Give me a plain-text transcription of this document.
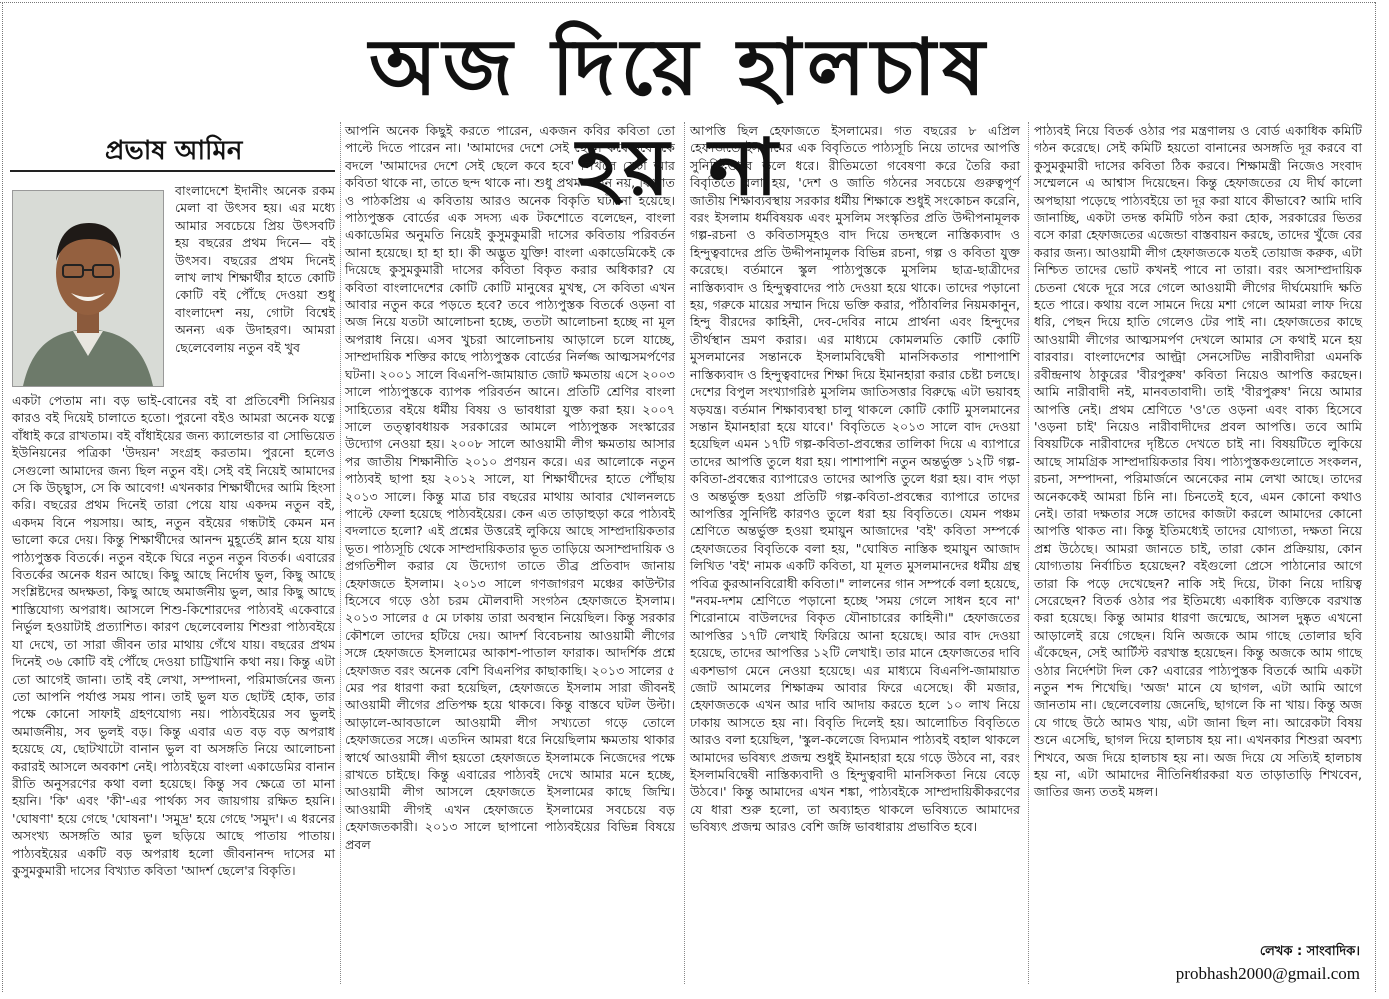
অজ দিয়ে হালচাষ হয় না
প্রভাষ আমিন

বাংলাদেশে ইদানীং অনেক রকম মেলা বা উৎসব হয়। এর মধ্যে আমার সবচেয়ে প্রিয় উৎসবটি হয় বছরের প্রথম দিনে— বই উৎসব। বছরের প্রথম দিনেই লাখ লাখ শিক্ষার্থীর হাতে কোটি কোটি বই পৌঁছে দেওয়া শুধু বাংলাদেশ নয়, গোটা বিশ্বেই অনন্য এক উদাহরণ। আমরা ছেলেবেলায় নতুন বই খুব

একটা পেতাম না। বড় ভাই-বোনের বই বা প্রতিবেশী সিনিয়র কারও বই দিয়েই চালাতে হতো। পুরনো বইও আমরা অনেক যত্নে বাঁধাই করে রাখতাম। বই বাঁধাইয়ের জন্য ক্যালেন্ডার বা সোভিয়েত ইউনিয়নের পত্রিকা 'উদয়ন' সংগ্রহ করতাম। পুরনো হলেও সেগুলো আমাদের জন্য ছিল নতুন বই। সেই বই নিয়েই আমাদের সে কি উচ্ছ্বাস, সে কি আবেগ! এখনকার শিক্ষার্থীদের আমি হিংসা করি। বছরের প্রথম দিনেই তারা পেয়ে যায় একদম নতুন বই, একদম বিনে পয়সায়। আহ, নতুন বইয়ের গন্ধটাই কেমন মন ভালো করে দেয়। কিন্তু শিক্ষার্থীদের আনন্দ মুহূর্তেই ম্লান হয়ে যায় পাঠ্যপুস্তক বিতর্কে। নতুন বইকে ঘিরে নতুন নতুন বিতর্ক। এবারের বিতর্কের অনেক ধরন আছে। কিছু আছে নির্দোষ ভুল, কিছু আছে সংশ্লিষ্টদের অদক্ষতা, কিছু আছে অমার্জনীয় ভুল, আর কিছু আছে শাস্তিযোগ্য অপরাধ। আসলে শিশু-কিশোরদের পাঠ্যবই একেবারে নির্ভুল হওয়াটাই প্রত্যাশিত। কারণ ছেলেবেলায় শিশুরা পাঠ্যবইয়ে যা দেখে, তা সারা জীবন তার মাথায় গেঁথে যায়। বছরের প্রথম দিনেই ৩৬ কোটি বই পৌঁছে দেওয়া চাট্টিখানি কথা নয়। কিন্তু এটা তো আগেই জানা। তাই বই লেখা, সম্পাদনা, পরিমার্জনের জন্য তো আপনি পর্যাপ্ত সময় পান। তাই ভুল যত ছোটই হোক, তার পক্ষে কোনো সাফাই গ্রহণযোগ্য নয়। পাঠ্যবইয়ের সব ভুলই অমার্জনীয়, সব ভুলই বড়। কিন্তু এবার এত বড় বড় অপরাধ হয়েছে যে, ছোটখাটো বানান ভুল বা অসঙ্গতি নিয়ে আলোচনা করারই আসলে অবকাশ নেই। পাঠ্যবইয়ে বাংলা একাডেমির বানান রীতি অনুসরণের কথা বলা হয়েছে। কিন্তু সব ক্ষেত্রে তা মানা হয়নি। 'কি' এবং 'কী'-এর পার্থক্য সব জায়গায় রক্ষিত হয়নি। 'ঘোষণা' হয়ে গেছে 'ঘোষনা'। 'সমুদ্র' হয়ে গেছে 'সমুদ'। এ ধরনের অসংখ্য অসঙ্গতি আর ভুল ছড়িয়ে আছে পাতায় পাতায়। পাঠ্যবইয়ের একটি বড় অপরাধ হলো জীবনানন্দ দাসের মা কুসুমকুমারী দাসের বিখ্যাত কবিতা 'আদর্শ ছেলে'র বিকৃতি।

আপনি অনেক কিছুই করতে পারেন, একজন কবির কবিতা তো পাল্টে দিতে পারেন না। 'আমাদের দেশে সেই ছেলে কবে হবে' কে বদলে 'আমাদের দেশে সেই ছেলে কবে হবে' লিখলে সেটা আর কবিতা থাকে না, তাতে ছন্দ থাকে না। শুধু প্রথম লাইন নয়, বিখ্যাত ও পাঠকপ্রিয় এ কবিতায় আরও অনেক বিকৃতি ঘটানো হয়েছে। পাঠ্যপুস্তক বোর্ডের এক সদস্য এক টকশোতে বলেছেন, বাংলা একাডেমির অনুমতি নিয়েই কুসুমকুমারী দাসের কবিতায় পরিবর্তন আনা হয়েছে। হা হা হা। কী অদ্ভুত যুক্তি! বাংলা একাডেমিকেই কে দিয়েছে কুসুমকুমারী দাসের কবিতা বিকৃত করার অধিকার? যে কবিতা বাংলাদেশের কোটি কোটি মানুষের মুখস্থ, সে কবিতা এখন আবার নতুন করে পড়তে হবে? তবে পাঠ্যপুস্তক বিতর্কে ওড়না বা অজ নিয়ে যতটা আলোচনা হচ্ছে, ততটা আলোচনা হচ্ছে না মূল অপরাধ নিয়ে। এসব খুচরা আলোচনায় আড়ালে চলে যাচ্ছে, সাম্প্রদায়িক শক্তির কাছে পাঠ্যপুস্তক বোর্ডের নির্লজ্জ আত্মসমর্পণের ঘটনা। ২০০১ সালে বিএনপি-জামায়াত জোট ক্ষমতায় এসে ২০০৩ সালে পাঠ্যপুস্তকে ব্যাপক পরিবর্তন আনে। প্রতিটি শ্রেণির বাংলা সাহিত্যের বইয়ে ধর্মীয় বিষয় ও ভাবধারা যুক্ত করা হয়। ২০০৭ সালে তত্ত্বাবধায়ক সরকারের আমলে পাঠ্যপুস্তক সংস্কারের উদ্যোগ নেওয়া হয়। ২০০৮ সালে আওয়ামী লীগ ক্ষমতায় আসার পর জাতীয় শিক্ষানীতি ২০১০ প্রণয়ন করে। এর আলোকে নতুন পাঠ্যবই ছাপা হয় ২০১২ সালে, যা শিক্ষার্থীদের হাতে পৌঁছায় ২০১৩ সালে। কিন্তু মাত্র চার বছরের মাথায় আবার খোলনলচে পাল্টে ফেলা হয়েছে পাঠ্যবইয়ের। কেন এত তাড়াহুড়া করে পাঠ্যবই বদলাতে হলো? এই প্রশ্নের উত্তরেই লুকিয়ে আছে সাম্প্রদায়িকতার ভূত। পাঠ্যসূচি থেকে সাম্প্রদায়িকতার ভূত তাড়িয়ে অসাম্প্রদায়িক ও প্রগতিশীল করার যে উদ্যোগ তাতে তীব্র প্রতিবাদ জানায় হেফাজতে ইসলাম। ২০১৩ সালে গণজাগরণ মঞ্চের কাউন্টার হিসেবে গড়ে ওঠা চরম মৌলবাদী সংগঠন হেফাজতে ইসলাম। ২০১৩ সালের ৫ মে ঢাকায় তারা অবস্থান নিয়েছিল। কিন্তু সরকার কৌশলে তাদের হটিয়ে দেয়। আদর্শ বিবেচনায় আওয়ামী লীগের সঙ্গে হেফাজতে ইসলামের আকাশ-পাতাল ফারাক। আদর্শিক প্রশ্নে হেফাজত বরং অনেক বেশি বিএনপির কাছাকাছি। ২০১৩ সালের ৫ মের পর ধারণা করা হয়েছিল, হেফাজতে ইসলাম সারা জীবনই আওয়ামী লীগের প্রতিপক্ষ হয়ে থাকবে। কিন্তু বাস্তবে ঘটল উল্টা। আড়ালে-আবডালে আওয়ামী লীগ সখ্যতো গড়ে তোলে হেফাজতের সঙ্গে। এতদিন আমরা ধরে নিয়েছিলাম ক্ষমতায় থাকার স্বার্থে আওয়ামী লীগ হয়তো হেফাজতে ইসলামকে নিজেদের পক্ষে রাখতে চাইছে। কিন্তু এবারের পাঠ্যবই দেখে আমার মনে হচ্ছে, আওয়ামী লীগ আসলে হেফাজতে ইসলামের কাছে জিম্মি। আওয়ামী লীগই এখন হেফাজতে ইসলামের সবচেয়ে বড় হেফাজতকারী। ২০১৩ সালে ছাপানো পাঠ্যবইয়ের বিভিন্ন বিষয়ে প্রবল

আপত্তি ছিল হেফাজতে ইসলামের। গত বছরের ৮ এপ্রিল হেফাজতে ইসলামের এক বিবৃতিতে পাঠ্যসূচি নিয়ে তাদের আপত্তি সুনির্দিষ্টভাবে তুলে ধরে। রীতিমতো গবেষণা করে তৈরি করা বিবৃতিতে বলা হয়, 'দেশ ও জাতি গঠনের সবচেয়ে গুরুত্বপূর্ণ জাতীয় শিক্ষাব্যবস্থায় সরকার ধর্মীয় শিক্ষাকে শুধুই সংকোচন করেনি, বরং ইসলাম ধর্মবিষয়ক এবং মুসলিম সংস্কৃতির প্রতি উদ্দীপনামূলক গল্প-রচনা ও কবিতাসমূহও বাদ দিয়ে তদস্থলে নাস্তিক্যবাদ ও হিন্দুত্ববাদের প্রতি উদ্দীপনামূলক বিভিন্ন রচনা, গল্প ও কবিতা যুক্ত করেছে। বর্তমানে স্কুল পাঠ্যপুস্তকে মুসলিম ছাত্র-ছাত্রীদের নাস্তিক্যবাদ ও হিন্দুত্ববাদের পাঠ দেওয়া হয়ে থাকে। তাদের পড়ানো হয়, গরুকে মায়ের সম্মান দিয়ে ভক্তি করার, পাঁঠাবলির নিয়মকানুন, হিন্দু বীরদের কাহিনী, দেব-দেবির নামে প্রার্থনা এবং হিন্দুদের তীর্থস্থান ভ্রমণ করার। এর মাধ্যমে কোমলমতি কোটি কোটি মুসলমানের সন্তানকে ইসলামবিদ্বেষী মানসিকতার পাশাপাশি নাস্তিক্যবাদ ও হিন্দুত্ববাদের শিক্ষা দিয়ে ইমানহারা করার চেষ্টা চলছে। দেশের বিপুল সংখ্যাগরিষ্ঠ মুসলিম জাতিসত্তার বিরুদ্ধে এটা ভয়াবহ ষড়যন্ত্র। বর্তমান শিক্ষাব্যবস্থা চালু থাকলে কোটি কোটি মুসলমানের সন্তান ইমানহারা হয়ে যাবে।' বিবৃতিতে ২০১৩ সালে বাদ দেওয়া হয়েছিল এমন ১৭টি গল্প-কবিতা-প্রবন্ধের তালিকা দিয়ে এ ব্যাপারে তাদের আপত্তি তুলে ধরা হয়। পাশাপাশি নতুন অন্তর্ভুক্ত ১২টি গল্প-কবিতা-প্রবন্ধের ব্যাপারেও তাদের আপত্তি তুলে ধরা হয়। বাদ পড়া ও অন্তর্ভুক্ত হওয়া প্রতিটি গল্প-কবিতা-প্রবন্ধের ব্যাপারে তাদের আপত্তির সুনির্দিষ্ট কারণও তুলে ধরা হয় বিবৃতিতে। যেমন পঞ্চম শ্রেণিতে অন্তর্ভুক্ত হওয়া হুমায়ুন আজাদের 'বই' কবিতা সম্পর্কে হেফাজতের বিবৃতিকে বলা হয়, "ঘোষিত নাস্তিক হুমায়ুন আজাদ লিখিত 'বই' নামক একটি কবিতা, যা মূলত মুসলমানদের ধর্মীয় গ্রন্থ পবিত্র কুরআনবিরোধী কবিতা।" লালনের গান সম্পর্কে বলা হয়েছে, "নবম-দশম শ্রেণিতে পড়ানো হচ্ছে 'সময় গেলে সাধন হবে না' শিরোনামে বাউলদের বিকৃত যৌনাচারের কাহিনী।" হেফাজতের আপত্তির ১৭টি লেখাই ফিরিয়ে আনা হয়েছে। আর বাদ দেওয়া হয়েছে, তাদের আপত্তির ১২টি লেখাই। তার মানে হেফাজতের দাবি একশভাগ মেনে নেওয়া হয়েছে। এর মাধ্যমে বিএনপি-জামায়াত জোট আমলের শিক্ষাক্রম আবার ফিরে এসেছে। কী মজার, হেফাজতকে এখন আর দাবি আদায় করতে হলে ১০ লাখ নিয়ে ঢাকায় আসতে হয় না। বিবৃতি দিলেই হয়। আলোচিত বিবৃতিতে আরও বলা হয়েছিল, 'স্কুল-কলেজে বিদ্যমান পাঠ্যবই বহাল থাকলে আমাদের ভবিষ্যৎ প্রজন্ম শুধুই ইমানহারা হয়ে গড়ে উঠবে না, বরং ইসলামবিদ্বেষী নাস্তিক্যবাদী ও হিন্দুত্ববাদী মানসিকতা নিয়ে বেড়ে উঠবে।' কিন্তু আমাদের এখন শঙ্কা, পাঠ্যবইকে সাম্প্রদায়িকীকরণের যে ধারা শুরু হলো, তা অব্যাহত থাকলে ভবিষ্যতে আমাদের ভবিষ্যৎ প্রজন্ম আরও বেশি জঙ্গি ভাবধারায় প্রভাবিত হবে।

পাঠ্যবই নিয়ে বিতর্ক ওঠার পর মন্ত্রণালয় ও বোর্ড একাধিক কমিটি গঠন করেছে। সেই কমিটি হয়তো বানানের অসঙ্গতি দূর করবে বা কুসুমকুমারী দাসের কবিতা ঠিক করবে। শিক্ষামন্ত্রী নিজেও সংবাদ সম্মেলনে এ আশ্বাস দিয়েছেন। কিন্তু হেফাজতের যে দীর্ঘ কালো অপছায়া পড়েছে পাঠ্যবইয়ে তা দূর করা যাবে কীভাবে? আমি দাবি জানাচ্ছি, একটা তদন্ত কমিটি গঠন করা হোক, সরকারের ভিতর বসে কারা হেফাজতের এজেন্ডা বাস্তবায়ন করছে, তাদের খুঁজে বের করার জন্য। আওয়ামী লীগ হেফাজতকে যতই তোয়াজ করুক, এটা নিশ্চিত তাদের ভোট কখনই পাবে না তারা। বরং অসাম্প্রদায়িক চেতনা থেকে দূরে সরে গেলে আওয়ামী লীগের দীর্ঘমেয়াদি ক্ষতি হতে পারে। কথায় বলে সামনে দিয়ে মশা গেলে আমরা লাফ দিয়ে ধরি, পেছন দিয়ে হাতি গেলেও টের পাই না। হেফাজতের কাছে আওয়ামী লীগের আত্মসমর্পণ দেখলে আমার সে কথাই মনে হয় বারবার। বাংলাদেশের আল্ট্রা সেনসেটিভ নারীবাদীরা এমনকি রবীন্দ্রনাথ ঠাকুরের 'বীরপুরুষ' কবিতা নিয়েও আপত্তি করছেন। আমি নারীবাদী নই, মানবতাবাদী। তাই 'বীরপুরুষ' নিয়ে আমার আপত্তি নেই। প্রথম শ্রেণিতে 'ও'তে ওড়না এবং বাক্য হিসেবে 'ওড়না চাই' নিয়েও নারীবাদীদের প্রবল আপত্তি। তবে আমি বিষয়টিকে নারীবাদের দৃষ্টিতে দেখতে চাই না। বিষয়টিতে লুকিয়ে আছে সামগ্রিক সাম্প্রদায়িকতার বিষ। পাঠ্যপুস্তকগুলোতে সংকলন, রচনা, সম্পাদনা, পরিমার্জনে অনেকের নাম লেখা আছে। তাদের অনেককেই আমরা চিনি না। চিনতেই হবে, এমন কোনো কথাও নেই। তারা দক্ষতার সঙ্গে তাদের কাজটা করলে আমাদের কোনো আপত্তি থাকত না। কিন্তু ইতিমধ্যেই তাদের যোগ্যতা, দক্ষতা নিয়ে প্রশ্ন উঠেছে। আমরা জানতে চাই, তারা কোন প্রক্রিয়ায়, কোন যোগ্যতায় নির্বাচিত হয়েছেন? বইগুলো প্রেসে পাঠানোর আগে তারা কি পড়ে দেখেছেন? নাকি সই দিয়ে, টাকা নিয়ে দায়িত্ব সেরেছেন? বিতর্ক ওঠার পর ইতিমধ্যে একাধিক ব্যক্তিকে বরখাস্ত করা হয়েছে। কিন্তু আমার ধারণা জন্মেছে, আসল দুষ্কৃত এখনো আড়ালেই রয়ে গেছেন। যিনি অজকে আম গাছে তোলার ছবি এঁকেছেন, সেই আর্টিস্ট বরখাস্ত হয়েছেন। কিন্তু অজকে আম গাছে ওঠার নির্দেশটা দিল কে? এবারের পাঠ্যপুস্তক বিতর্কে আমি একটা নতুন শব্দ শিখেছি। 'অজ' মানে যে ছাগল, এটা আমি আগে জানতাম না। ছেলেবেলায় জেনেছি, ছাগলে কি না খায়। কিন্তু অজ যে গাছে উঠে আমও খায়, এটা জানা ছিল না। আরেকটা বিষয় শুনে এসেছি, ছাগল দিয়ে হালচাষ হয় না। এখনকার শিশুরা অবশ্য শিখবে, অজ দিয়ে হালচাষ হয় না। অজ দিয়ে যে সত্যিই হালচাষ হয় না, এটা আমাদের নীতিনির্ধারকরা যত তাড়াতাড়ি শিখবেন, জাতির জন্য ততই মঙ্গল।

লেখক : সাংবাদিক।
probhash2000@gmail.com
